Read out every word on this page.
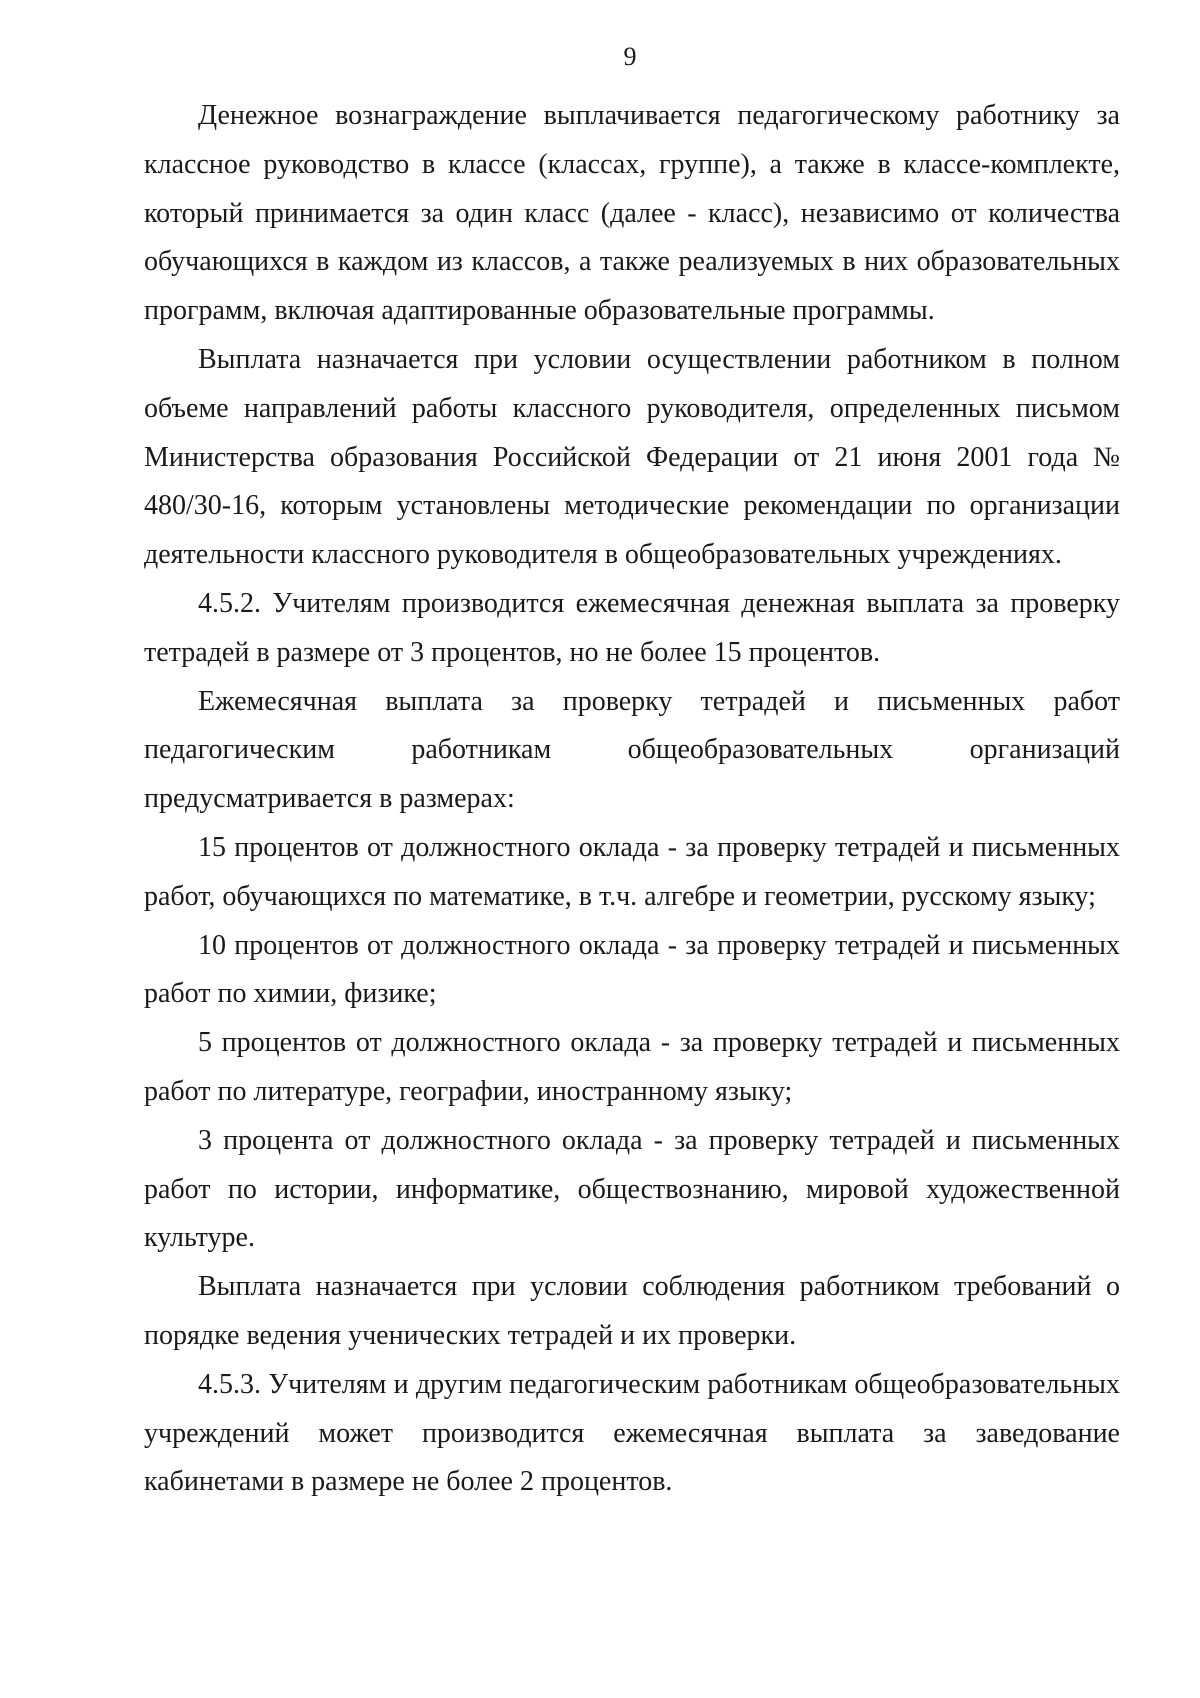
9

Денежное вознаграждение выплачивается педагогическому работнику за классное руководство в классе (классах, группе), а также в классе-комплекте, который принимается за один класс (далее - класс), независимо от количества обучающихся в каждом из классов, а также реализуемых в них образовательных программ, включая адаптированные образовательные программы.

Выплата назначается при условии осуществлении работником в полном объеме направлений работы классного руководителя, определенных письмом Министерства образования Российской Федерации от 21 июня 2001 года № 480/30-16, которым установлены методические рекомендации по организации деятельности классного руководителя в общеобразовательных учреждениях.

4.5.2. Учителям производится ежемесячная денежная выплата за проверку тетрадей в размере от 3 процентов, но не более 15 процентов.

Ежемесячная выплата за проверку тетрадей и письменных работ педагогическим работникам общеобразовательных организаций предусматривается в размерах:

15 процентов от должностного оклада - за проверку тетрадей и письменных работ, обучающихся по математике, в т.ч. алгебре и геометрии, русскому языку;

10 процентов от должностного оклада - за проверку тетрадей и письменных работ по химии, физике;

5 процентов от должностного оклада - за проверку тетрадей и письменных работ по литературе, географии, иностранному языку;

3 процента от должностного оклада - за проверку тетрадей и письменных работ по истории, информатике, обществознанию, мировой художественной культуре.

Выплата назначается при условии соблюдения работником требований о порядке ведения ученических тетрадей и их проверки.

4.5.3. Учителям и другим педагогическим работникам общеобразовательных учреждений может производится ежемесячная выплата за заведование кабинетами в размере не более 2 процентов.
